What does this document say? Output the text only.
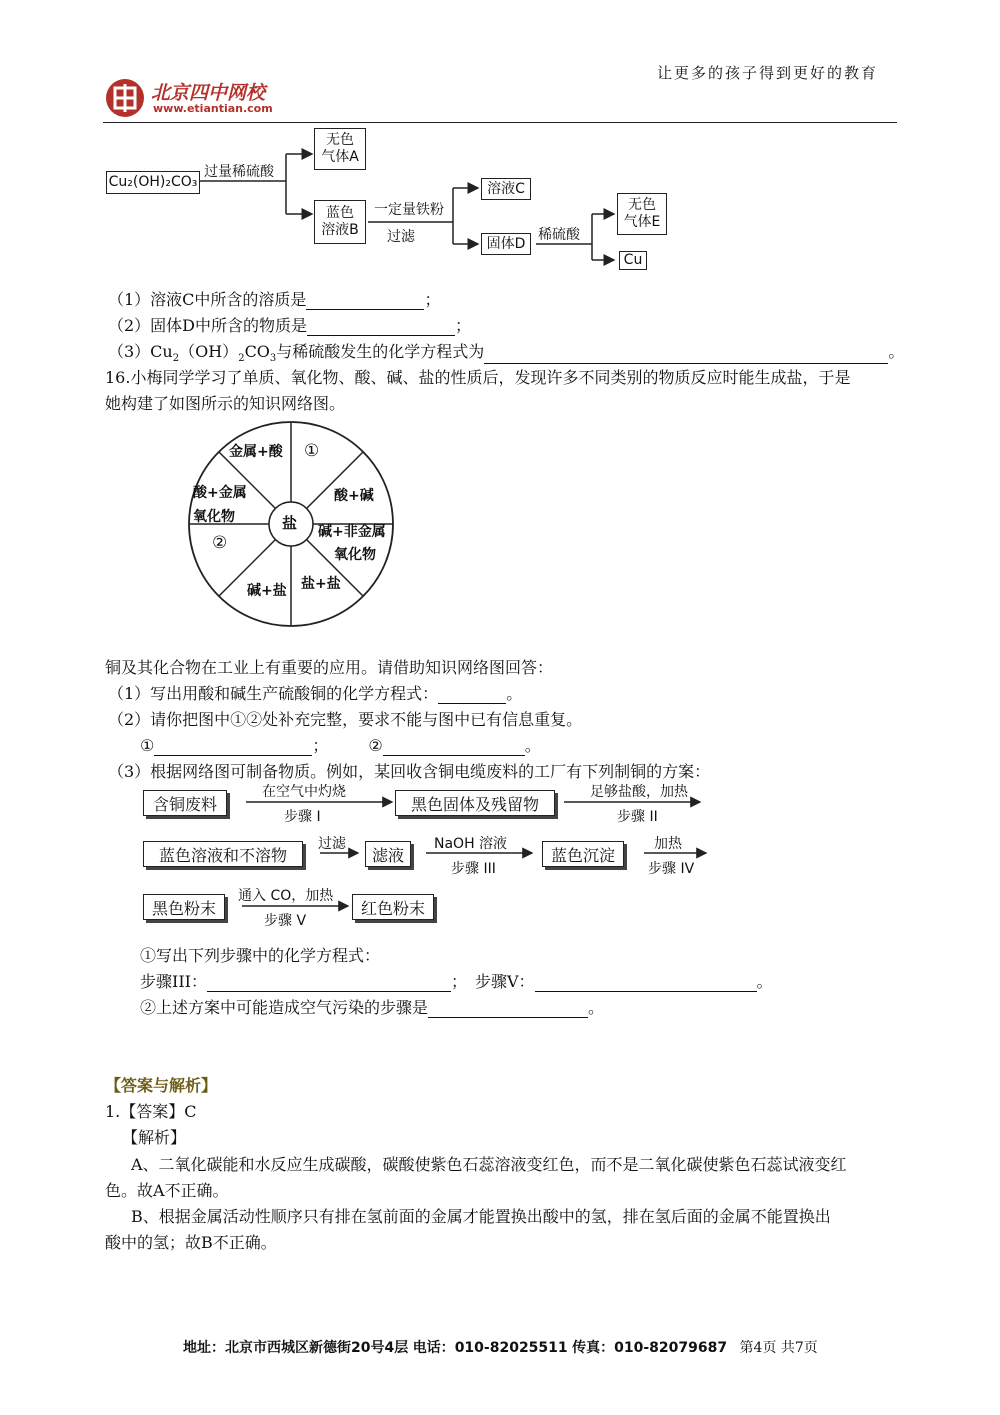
让更多的孩子得到更好的教育
北京四中网校
www.etiantian.com
Cu₂(OH)₂CO₃
过量稀硫酸
无色
气体A
蓝色
溶液B
一定量铁粉
过滤
溶液C
固体D
稀硫酸
无色
气体E
Cu
（1）溶液C中所含的溶质是	；
（2）固体D中所含的物质是	；
$(3)Cu_2(OH)_2CO_3$与稀硫酸发生的化学方程式为	。
16.小梅同学学习了单质、氧化物、酸、碱、盐的性质后，发现许多不同类别的物质反应时能生成盐，于是
她构建了如图所示的知识网络图。
盐
金属+酸 ①
酸+碱
碱+非金属
氧化物
盐+盐
碱+盐
②
酸+金属
氧化物
铜及其化合物在工业上有重要的应用。请借助知识网络图回答：
（1）写出用酸和碱生产硫酸铜的化学方程式：	。
（2）请你把图中①②处补充完整，要求不能与图中已有信息重复。
①	；	②	。
（3）根据网络图可制备物质。例如，某回收含铜电缆废料的工厂有下列制铜的方案：
含铜废料
在空气中灼烧
步骤 I
黑色固体及残留物
足够盐酸，加热
步骤 II
蓝色溶液和不溶物
过滤
滤液
NaOH 溶液
步骤 III
蓝色沉淀
加热
步骤 IV
黑色粉末
通入 CO，加热
步骤 V
红色粉末
①写出下列步骤中的化学方程式：
步骤III：	； 步骤V：	。
②上述方案中可能造成空气污染的步骤是	。
【答案与解析】
1.【答案】C
【解析】
A、二氧化碳能和水反应生成碳酸，碳酸使紫色石蕊溶液变红色，而不是二氧化碳使紫色石蕊试液变红
色。故A不正确。
B、根据金属活动性顺序只有排在氢前面的金属才能置换出酸中的氢，排在氢后面的金属不能置换出
酸中的氢；故B不正确。
地址：北京市西城区新德街20号4层 电话：010-82025511 传真：010-82079687 第4页 共7页
